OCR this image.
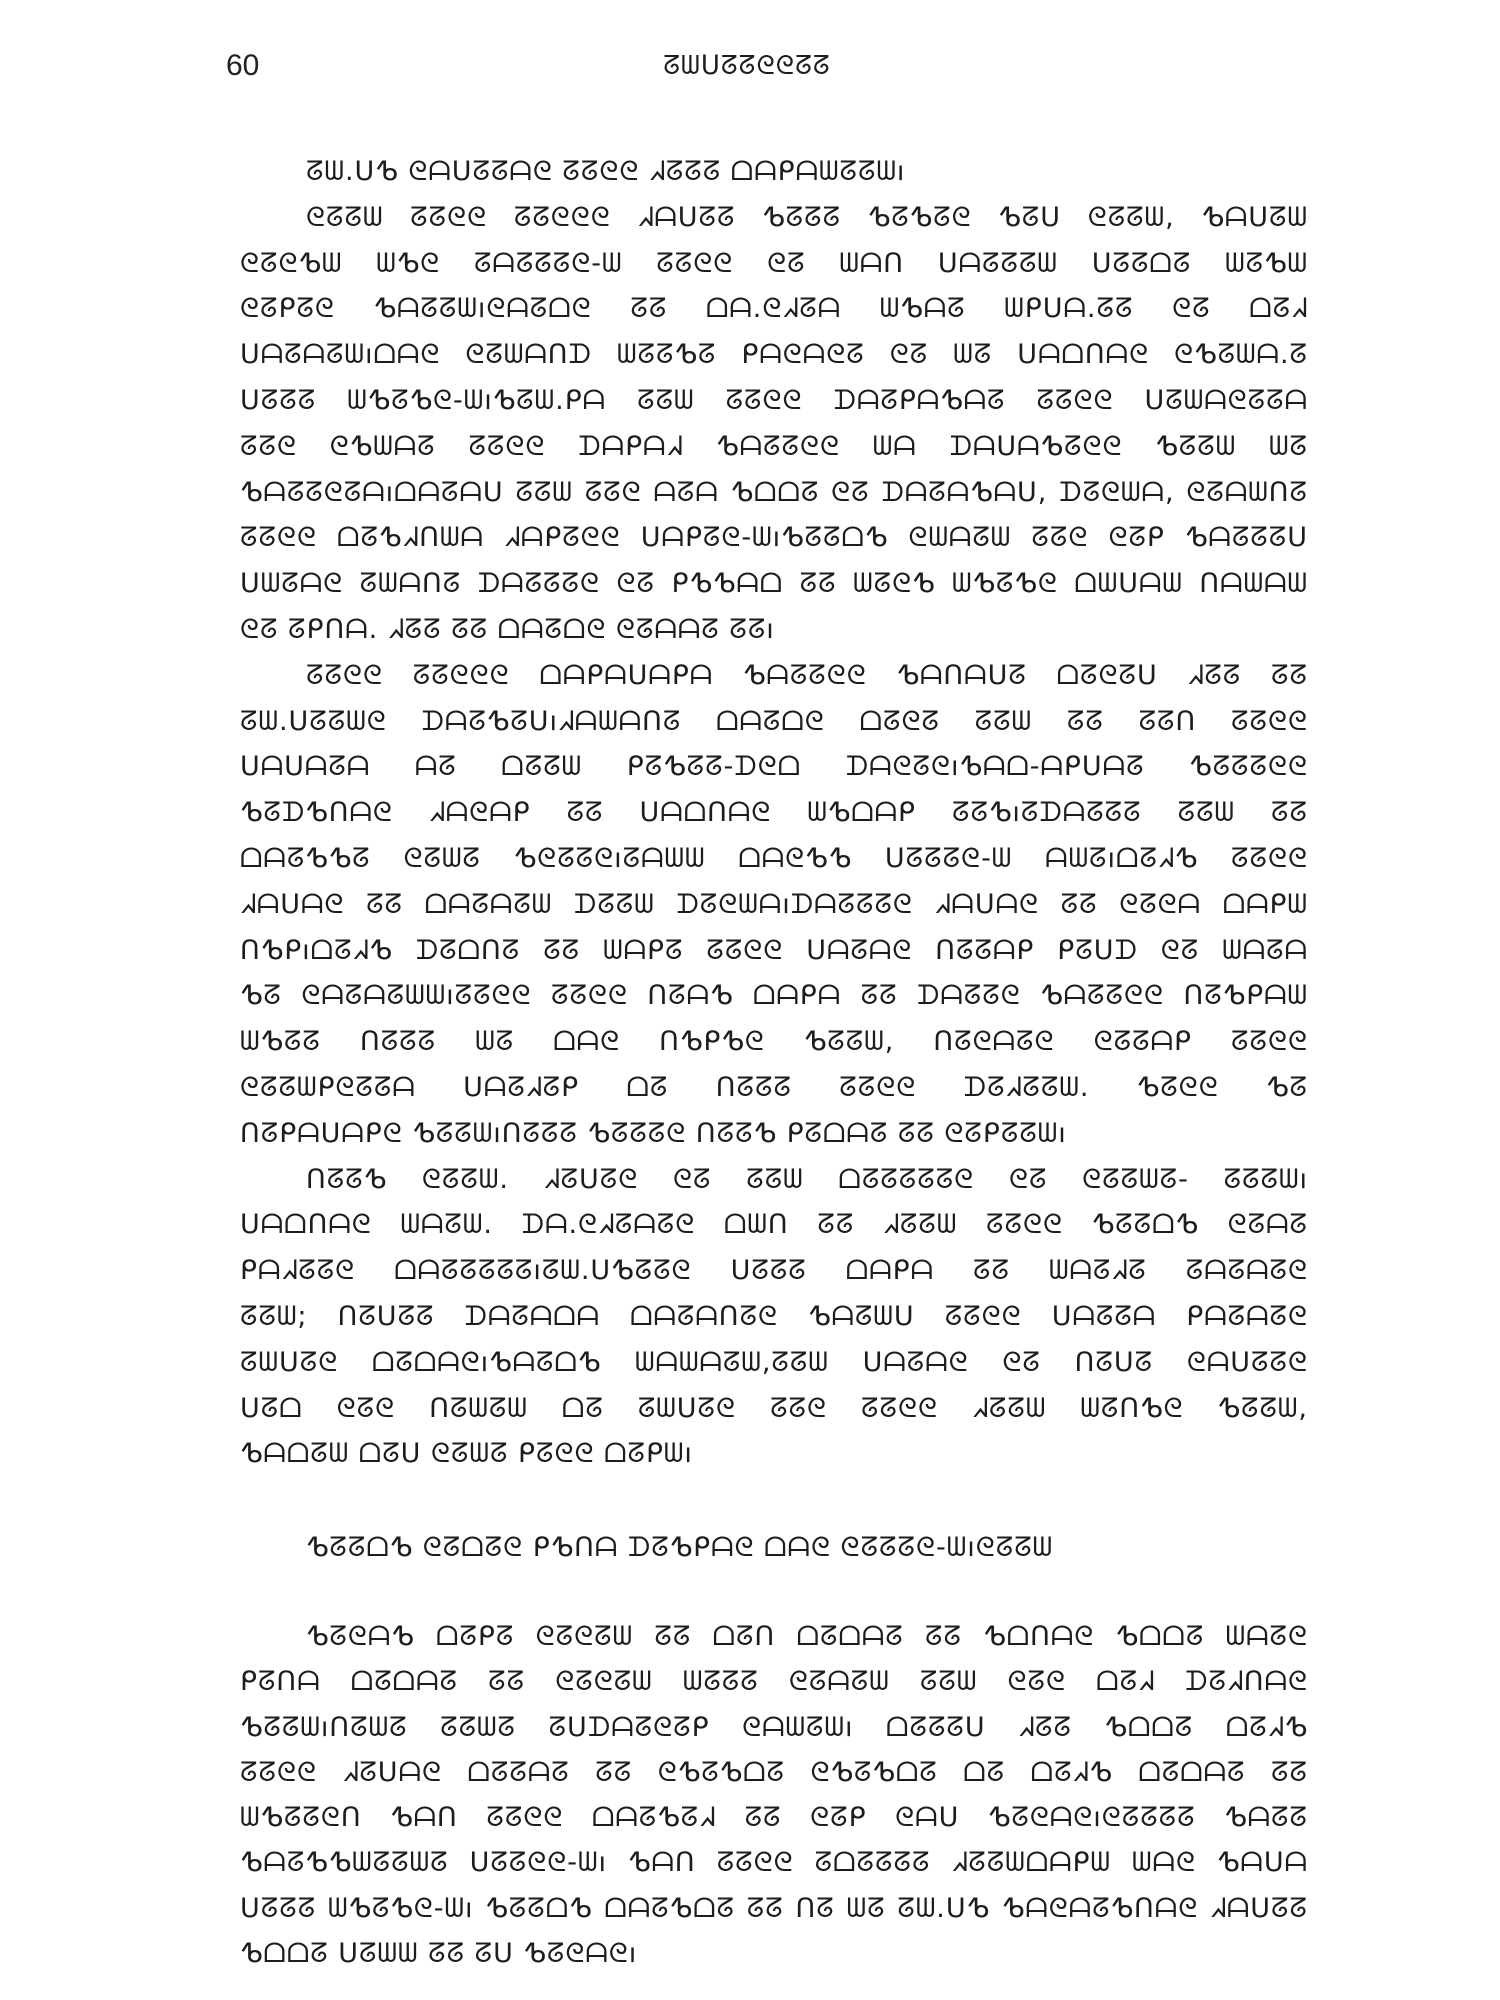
60	ᘔᗯᑌᘔᘔᘓᘓᘔᘔ
ᘔᗯ.ᑌᕹ ᘓᗩᑌᘔᘔᗩᘓ ᘔᘔᘓᘓ ᖽᘔᘔᘔ ᗝᗩᑭᗩᗯᘔᘔᗯı
ᘓᘔᘔᗯ ᘔᘔᘓᘓ ᘔᘔᘓᘓᘓ ᖽᗩᑌᘔᘔ ᕹᘔᘔᘔ ᕹᘔᕹᘔᘓ ᕹᘔᑌ ᘓᘔᘔᗯ, ᕹᗩᑌᘔᗯ
ᘓᘔᘓᕹᗯ ᗯᕹᘓ ᘔᗩᘔᘔᘔᘓ-ᗯ ᘔᘔᘓᘓ ᘓᘔ ᗯᗩᑎ ᑌᗩᘔᘔᘔᗯ ᑌᘔᘔᗝᘔ ᗯᘔᕹᗯ
ᘓᘔᑭᘔᘓ ᕹᗩᘔᘔᗯıᘓᗩᘔᗝᘓ ᘔᘔ ᗝᗩ.ᘓᖽᘔᗩ ᗯᕹᗩᘔ ᗯᑭᑌᗩ.ᘔᘔ ᘓᘔ ᗝᘔᖽ
ᑌᗩᘔᗩᘔᗯıᗝᗩᘓ ᘓᘔᗯᗩᑎᗪ ᗯᘔᘔᕹᘔ ᑭᗩᘓᗩᘓᘔ ᘓᘔ ᗯᘔ ᑌᗩᗝᑎᗩᘓ ᘓᕹᘔᗯᗩ.ᘔ
ᑌᘔᘔᘔ ᗯᕹᘔᕹᘓ-ᗯıᕹᘔᗯ.ᑭᗩ ᘔᘔᗯ ᘔᘔᘓᘓ ᗪᗩᘔᑭᗩᕹᗩᘔ ᘔᘔᘓᘓ ᑌᘔᗯᗩᘓᘔᘔᗩ
ᘔᘔᘓ ᘓᕹᗯᗩᘔ ᘔᘔᘓᘓ ᗪᗩᑭᗩᖽ ᕹᗩᘔᘔᘓᘓ ᗯᗩ ᗪᗩᑌᗩᕹᘔᘓᘓ ᕹᘔᘔᗯ ᗯᘔ
ᕹᗩᘔᘔᘓᘔᗩıᗝᗩᘔᗩᑌ ᘔᘔᗯ ᘔᘔᘓ ᗩᘔᗩ ᕹᗝᗝᘔ ᘓᘔ ᗪᗩᘔᗩᕹᗩᑌ, ᗪᘔᘓᗯᗩ, ᘓᘔᗩᗯᑎᘔ
ᘔᘔᘓᘓ ᗝᘔᕹᖽᑎᗯᗩ ᖽᗩᑭᘔᘓᘓ ᑌᗩᑭᘔᘓ-ᗯıᕹᘔᘔᗝᕹ ᘓᗯᗩᘔᗯ ᘔᘔᘓ ᘓᘔᑭ ᕹᗩᘔᘔᘔᑌ
ᑌᗯᘔᗩᘓ ᘔᗯᗩᑎᘔ ᗪᗩᘔᘔᘔᘓ ᘓᘔ ᑭᕹᕹᗩᗝ ᘔᘔ ᗯᘔᘓᕹ ᗯᕹᘔᕹᘓ ᗝᗯᑌᗩᗯ ᑎᗩᗯᗩᗯ
ᘓᘔ ᘔᑭᑎᗩ. ᖽᘔᘔ ᘔᘔ ᗝᗩᘔᗝᘓ ᘓᘔᗩᗩᘔ ᘔᘔı
ᘔᘔᘓᘓ ᘔᘔᘓᘓᘓ ᗝᗩᑭᗩᑌᗩᑭᗩ ᕹᗩᘔᘔᘓᘓ ᕹᗩᑎᗩᑌᘔ ᗝᘔᘓᘔᑌ ᖽᘔᘔ ᘔᘔ
ᘔᗯ.ᑌᘔᘔᗯᘓ ᗪᗩᘔᕹᘔᑌıᖽᗩᗯᗩᑎᘔ ᗝᗩᘔᗝᘓ ᗝᘔᘓᘔ ᘔᘔᗯ ᘔᘔ ᘔᘔᑎ ᘔᘔᘓᘓ
ᑌᗩᑌᗩᘔᗩ ᗩᘔ ᗝᘔᘔᗯ ᑭᘔᕹᘔᘔ-ᗪᘓᗝ ᗪᗩᘓᘔᘓıᕹᗩᗝ-ᗩᑭᑌᗩᘔ ᕹᘔᘔᘔᘓᘓ
ᕹᘔᗪᕹᑎᗩᘓ ᖽᗩᘓᗩᑭ ᘔᘔ ᑌᗩᗝᑎᗩᘓ ᗯᕹᗝᗩᑭ ᘔᘔᕹıᘔᗪᗩᘔᘔᘔ ᘔᘔᗯ ᘔᘔ
ᗝᗩᘔᕹᕹᘔ ᘓᘔᗯᘔ ᕹᘓᘔᘔᘓıᘔᗩᗯᗯ ᗝᗩᘓᕹᕹ ᑌᘔᘔᘔᘓ-ᗯ ᗩᗯᘔıᗝᘔᖽᕹ ᘔᘔᘓᘓ
ᖽᗩᑌᗩᘓ ᘔᘔ ᗝᗩᘔᗩᘔᗯ ᗪᘔᘔᗯ ᗪᘔᘓᗯᗩıᗪᗩᘔᘔᘔᘓ ᖽᗩᑌᗩᘓ ᘔᘔ ᘓᘔᘓᗩ ᗝᗩᑭᗯ
ᑎᕹᑭıᗝᘔᖽᕹ ᗪᘔᗝᑎᘔ ᘔᘔ ᗯᗩᑭᘔ ᘔᘔᘓᘓ ᑌᗩᘔᗩᘓ ᑎᘔᘔᗩᑭ ᑭᘔᑌᗪ ᘓᘔ ᗯᗩᘔᗩ
ᕹᘔ ᘓᗩᘔᗩᘔᗯᗯıᘔᘔᘓᘓ ᘔᘔᘓᘓ ᑎᘔᗩᕹ ᗝᗩᑭᗩ ᘔᘔ ᗪᗩᘔᘔᘓ ᕹᗩᘔᘔᘓᘓ ᑎᘔᕹᑭᗩᗯ
ᗯᕹᘔᘔ ᑎᘔᘔᘔ ᗯᘔ ᗝᗩᘓ ᑎᕹᑭᕹᘓ ᕹᘔᘔᗯ, ᑎᘔᘓᗩᘔᘓ ᘓᘔᘔᗩᑭ ᘔᘔᘓᘓ
ᘓᘔᘔᗯᑭᘓᘔᘔᗩ ᑌᗩᘔᖽᘔᑭ ᗝᘔ ᑎᘔᘔᘔ ᘔᘔᘓᘓ ᗪᘔᖽᘔᘔᗯ. ᕹᘔᘓᘓ ᕹᘔ
ᑎᘔᑭᗩᑌᗩᑭᘓ ᕹᘔᘔᗯıᑎᘔᘔᘔ ᕹᘔᘔᘔᘓ ᑎᘔᘔᕹ ᑭᘔᗝᗩᘔ ᘔᘔ ᘓᘔᑭᘔᘔᗯı
ᑎᘔᘔᕹ ᘓᘔᘔᗯ. ᖽᘔᑌᘔᘓ ᘓᘔ ᘔᘔᗯ ᗝᘔᘔᘔᘔᘔᘓ ᘓᘔ ᘓᘔᘔᗯᘔ- ᘔᘔᘔᗯı
ᑌᗩᗝᑎᗩᘓ ᗯᗩᘔᗯ. ᗪᗩ.ᘓᖽᘔᗩᘔᘓ ᗝᗯᑎ ᘔᘔ ᖽᘔᘔᗯ ᘔᘔᘓᘓ ᕹᘔᘔᗝᕹ ᘓᘔᗩᘔ
ᑭᗩᖽᘔᘔᘓ ᗝᗩᘔᘔᘔᘔᘔıᘔᗯ.ᑌᕹᘔᘔᘓ ᑌᘔᘔᘔ ᗝᗩᑭᗩ ᘔᘔ ᗯᗩᘔᖽᘔ ᘔᗩᘔᗩᘔᘓ
ᘔᘔᗯ; ᑎᘔᑌᘔᘔ ᗪᗩᘔᗩᗝᗩ ᗝᗩᘔᗩᑎᘔᘓ ᕹᗩᘔᗯᑌ ᘔᘔᘓᘓ ᑌᗩᘔᘔᗩ ᑭᗩᘔᗩᘔᘓ
ᘔᗯᑌᘔᘓ ᗝᘔᗝᗩᘓıᕹᗩᘔᗝᕹ ᗯᗩᗯᗩᘔᗯ,ᘔᘔᗯ ᑌᗩᘔᗩᘓ ᘓᘔ ᑎᘔᑌᘔ ᘓᗩᑌᘔᘔᘓ
ᑌᘔᗝ ᘓᘔᘓ ᑎᘔᗯᘔᗯ ᗝᘔ ᘔᗯᑌᘔᘓ ᘔᘔᘓ ᘔᘔᘓᘓ ᖽᘔᘔᗯ ᗯᘔᑎᕹᘓ ᕹᘔᘔᗯ,
ᕹᗩᗝᘔᗯ ᗝᘔᑌ ᘓᘔᗯᘔ ᑭᘔᘓᘓ ᗝᘔᑭᗯı
ᕹᘔᘔᗝᕹ ᘓᘔᗝᘔᘓ ᑭᕹᑎᗩ ᗪᘔᕹᑭᗩᘓ ᗝᗩᘓ ᘓᘔᘔᘔᘓ-ᗯıᘓᘔᘔᗯ
ᕹᘔᘓᗩᕹ ᗝᘔᑭᘔ ᘓᘔᘓᘔᗯ ᘔᘔ ᗝᘔᑎ ᗝᘔᗝᗩᘔ ᘔᘔ ᕹᗝᑎᗩᘓ ᕹᗝᗝᘔ ᗯᗩᘔᘓ
ᑭᘔᑎᗩ ᗝᘔᗝᗩᘔ ᘔᘔ ᘓᘔᘓᘔᗯ ᗯᘔᘔᘔ ᘓᘔᗩᘔᗯ ᘔᘔᗯ ᘓᘔᘓ ᗝᘔᖽ ᗪᘔᖽᑎᗩᘓ
ᕹᘔᘔᗯıᑎᘔᗯᘔ ᘔᘔᗯᘔ ᘔᑌᗪᗩᘔᘓᘔᑭ ᘓᗩᗯᘔᗯı ᗝᘔᘔᘔᑌ ᖽᘔᘔ ᕹᗝᗝᘔ ᗝᘔᖽᕹ
ᘔᘔᘓᘓ ᖽᘔᑌᗩᘓ ᗝᘔᘔᗩᘔ ᘔᘔ ᘓᕹᘔᕹᗝᘔ ᘓᕹᘔᕹᗝᘔ ᗝᘔ ᗝᘔᖽᕹ ᗝᘔᗝᗩᘔ ᘔᘔ
ᗯᕹᘔᘔᘓᑎ ᕹᗩᑎ ᘔᘔᘓᘓ ᗝᗩᘔᕹᘔᖽ ᘔᘔ ᘓᘔᑭ ᘓᗩᑌ ᕹᘔᘓᗩᘓıᘓᘔᘔᘔᘔ ᕹᗩᘔᘔ
ᕹᗩᘔᕹᕹᗯᘔᘔᗯᘔ ᑌᘔᘔᘓᘓ-ᗯı ᕹᗩᑎ ᘔᘔᘓᘓ ᘔᗝᘔᘔᘔᘔ ᖽᘔᘔᗯᗝᗩᑭᗯ ᗯᗩᘓ ᕹᗩᑌᗩ
ᑌᘔᘔᘔ ᗯᕹᘔᕹᘓ-ᗯı ᕹᘔᘔᗝᕹ ᗝᗩᘔᕹᗝᘔ ᘔᘔ ᑎᘔ ᗯᘔ ᘔᗯ.ᑌᕹ ᕹᗩᘓᗩᘔᕹᑎᗩᘓ ᖽᗩᑌᘔᘔ
ᕹᗝᗝᘔ ᑌᘔᗯᗯ ᘔᘔ ᘔᑌ ᕹᘔᘓᗩᘓı
